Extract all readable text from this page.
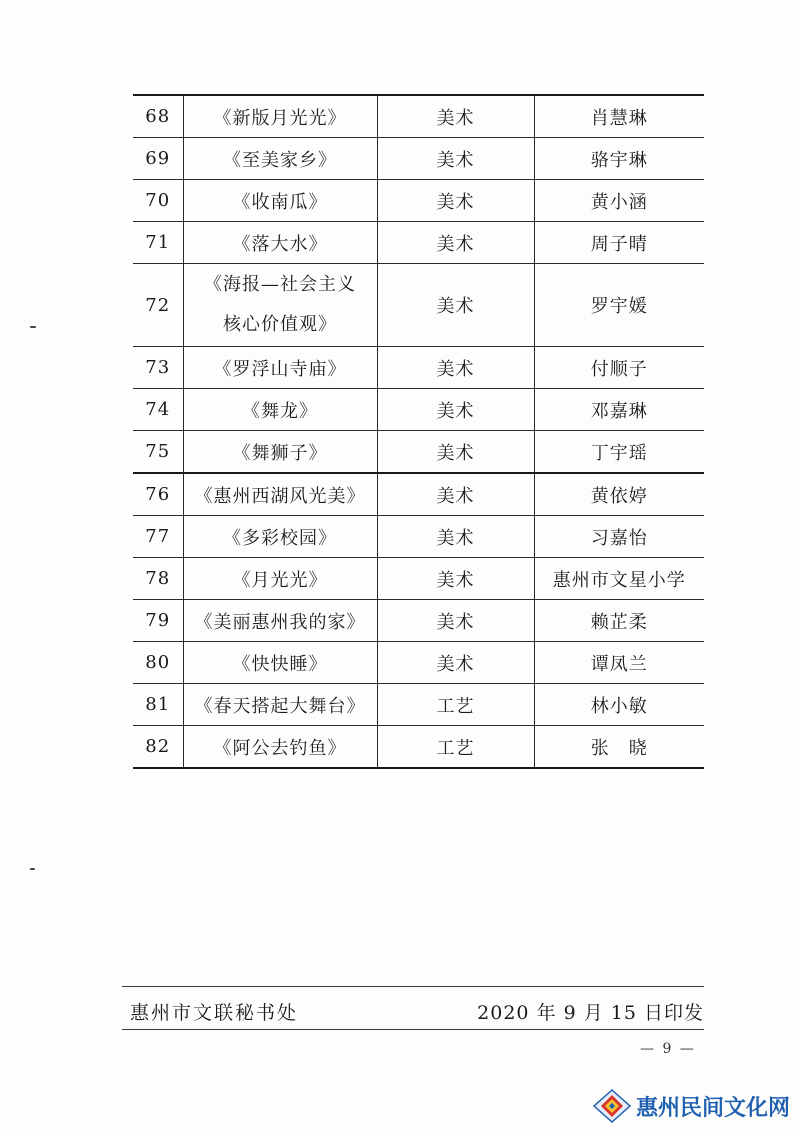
68	《新版月光光》	美术	肖慧琳
69	《至美家乡》	美术	骆宇琳
70	《收南瓜》	美术	黄小涵
71	《落大水》	美术	周子晴
72	《海报—社会主义
核心价值观》	美术	罗宇媛
73	《罗浮山寺庙》	美术	付顺子
74	《舞龙》	美术	邓嘉琳
75	《舞狮子》	美术	丁宇瑶
76	《惠州西湖风光美》	美术	黄依婷
77	《多彩校园》	美术	习嘉怡
78	《月光光》	美术	惠州市文星小学
79	《美丽惠州我的家》	美术	赖芷柔
80	《快快睡》	美术	谭凤兰
81	《春天搭起大舞台》	工艺	林小敏
82	《阿公去钓鱼》	工艺	张　晓
惠州市文联秘书处	2020 年 9 月 15 日印发
— 9 —
惠州民间文化网
